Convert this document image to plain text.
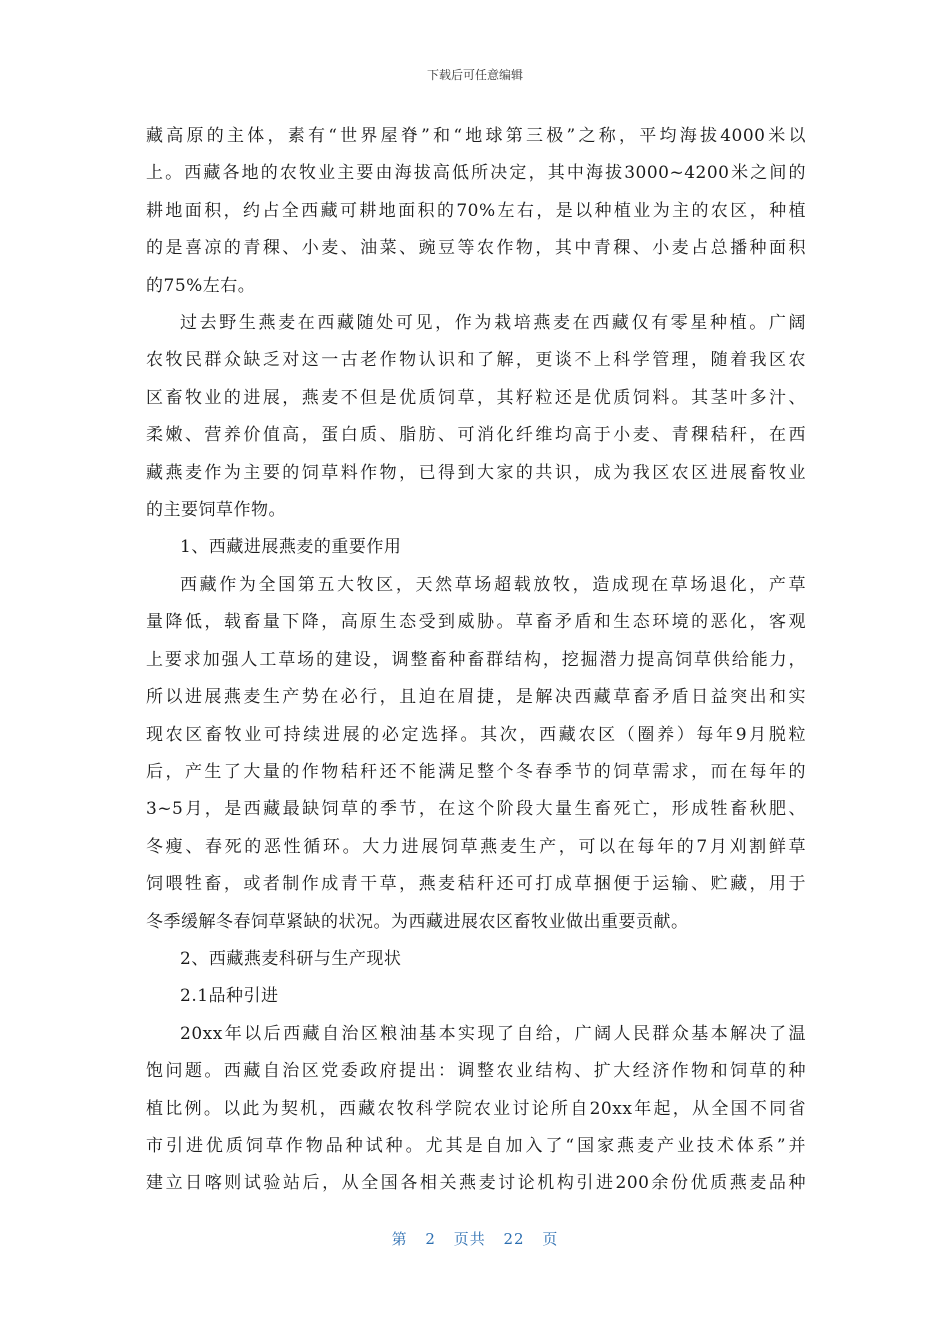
下载后可任意编辑
藏高原的主体，素有“世界屋脊”和“地球第三极”之称，平均海拔4000米以
上。西藏各地的农牧业主要由海拔高低所决定，其中海拔3000~4200米之间的
耕地面积，约占全西藏可耕地面积的70%左右，是以种植业为主的农区，种植
的是喜凉的青稞、小麦、油菜、豌豆等农作物，其中青稞、小麦占总播种面积
的75%左右。
过去野生燕麦在西藏随处可见，作为栽培燕麦在西藏仅有零星种植。广阔
农牧民群众缺乏对这一古老作物认识和了解，更谈不上科学管理，随着我区农
区畜牧业的进展，燕麦不但是优质饲草，其籽粒还是优质饲料。其茎叶多汁、
柔嫩、营养价值高，蛋白质、脂肪、可消化纤维均高于小麦、青稞秸秆，在西
藏燕麦作为主要的饲草料作物，已得到大家的共识，成为我区农区进展畜牧业
的主要饲草作物。
1、西藏进展燕麦的重要作用
西藏作为全国第五大牧区，天然草场超载放牧，造成现在草场退化，产草
量降低，载畜量下降，高原生态受到威胁。草畜矛盾和生态环境的恶化，客观
上要求加强人工草场的建设，调整畜种畜群结构，挖掘潜力提高饲草供给能力，
所以进展燕麦生产势在必行，且迫在眉捷，是解决西藏草畜矛盾日益突出和实
现农区畜牧业可持续进展的必定选择。其次，西藏农区（圈养）每年9月脱粒
后，产生了大量的作物秸秆还不能满足整个冬春季节的饲草需求，而在每年的
3~5月，是西藏最缺饲草的季节，在这个阶段大量生畜死亡，形成牲畜秋肥、
冬瘦、春死的恶性循环。大力进展饲草燕麦生产，可以在每年的7月刈割鲜草
饲喂牲畜，或者制作成青干草，燕麦秸秆还可打成草捆便于运输、贮藏，用于
冬季缓解冬春饲草紧缺的状况。为西藏进展农区畜牧业做出重要贡献。
2、西藏燕麦科研与生产现状
2.1品种引进
20xx年以后西藏自治区粮油基本实现了自给，广阔人民群众基本解决了温
饱问题。西藏自治区党委政府提出：调整农业结构、扩大经济作物和饲草的种
植比例。以此为契机，西藏农牧科学院农业讨论所自20xx年起，从全国不同省
市引进优质饲草作物品种试种。尤其是自加入了“国家燕麦产业技术体系”并
建立日喀则试验站后，从全国各相关燕麦讨论机构引进200余份优质燕麦品种
第 2 页共 22 页
